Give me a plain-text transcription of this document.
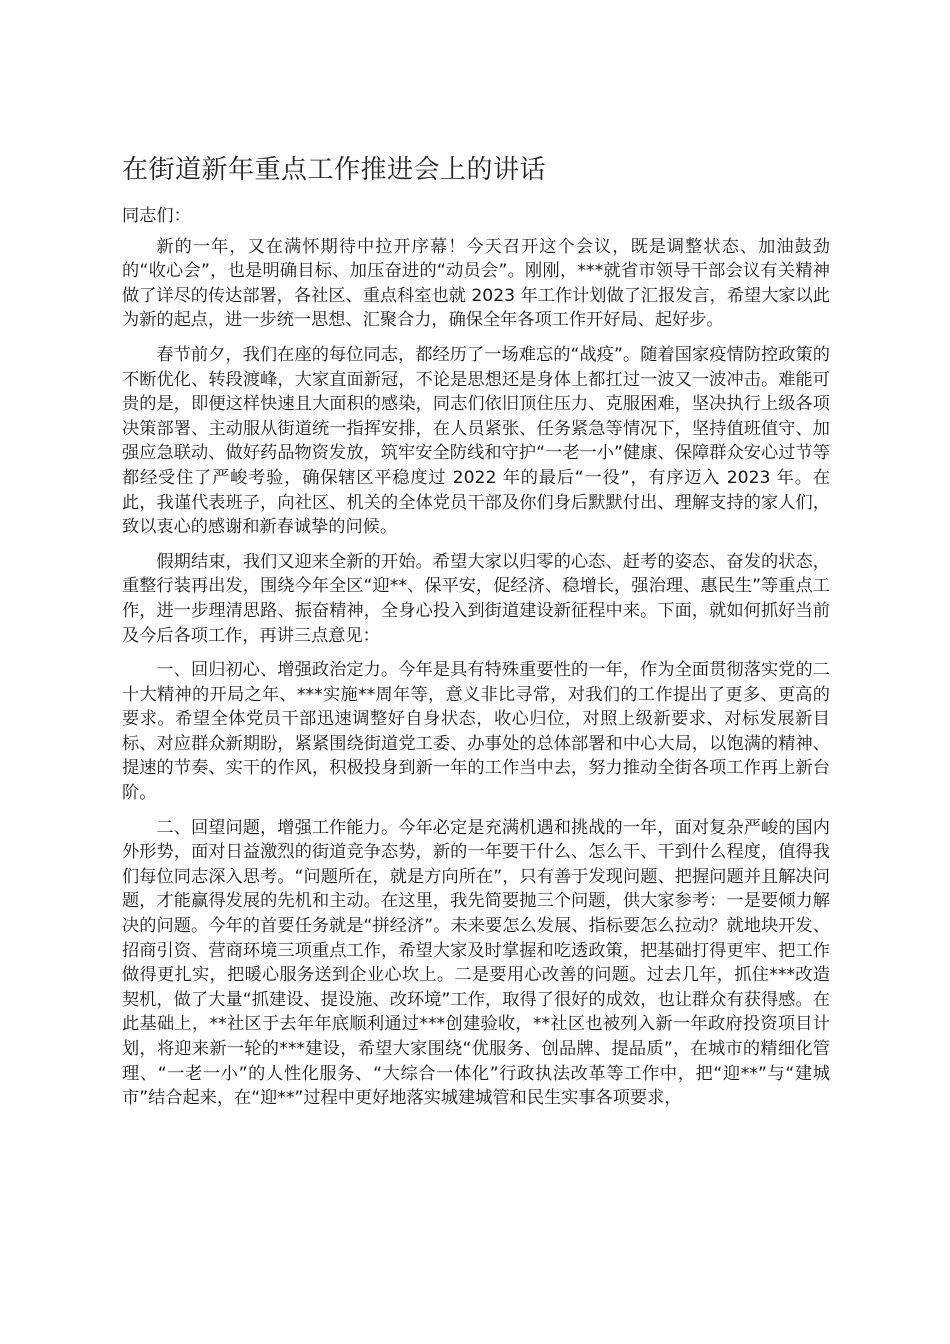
在街道新年重点工作推进会上的讲话

同志们：

新的一年，又在满怀期待中拉开序幕！今天召开这个会议，既是调整状态、加油鼓劲的“收心会”，也是明确目标、加压奋进的“动员会”。刚刚，***就省市领导干部会议有关精神做了详尽的传达部署，各社区、重点科室也就 2023 年工作计划做了汇报发言，希望大家以此为新的起点，进一步统一思想、汇聚合力，确保全年各项工作开好局、起好步。

春节前夕，我们在座的每位同志，都经历了一场难忘的“战疫”。随着国家疫情防控政策的不断优化、转段渡峰，大家直面新冠，不论是思想还是身体上都扛过一波又一波冲击。难能可贵的是，即便这样快速且大面积的感染，同志们依旧顶住压力、克服困难，坚决执行上级各项决策部署、主动服从街道统一指挥安排，在人员紧张、任务紧急等情况下，坚持值班值守、加强应急联动、做好药品物资发放，筑牢安全防线和守护“一老一小”健康、保障群众安心过节等都经受住了严峻考验，确保辖区平稳度过 2022 年的最后“一役”，有序迈入 2023 年。在此，我谨代表班子，向社区、机关的全体党员干部及你们身后默默付出、理解支持的家人们，致以衷心的感谢和新春诚挚的问候。

假期结束，我们又迎来全新的开始。希望大家以归零的心态、赶考的姿态、奋发的状态，重整行装再出发，围绕今年全区“迎**、保平安，促经济、稳增长，强治理、惠民生”等重点工作，进一步理清思路、振奋精神，全身心投入到街道建设新征程中来。下面，就如何抓好当前及今后各项工作，再讲三点意见：

一、回归初心、增强政治定力。今年是具有特殊重要性的一年，作为全面贯彻落实党的二十大精神的开局之年、***实施**周年等，意义非比寻常，对我们的工作提出了更多、更高的要求。希望全体党员干部迅速调整好自身状态，收心归位，对照上级新要求、对标发展新目标、对应群众新期盼，紧紧围绕街道党工委、办事处的总体部署和中心大局，以饱满的精神、提速的节奏、实干的作风，积极投身到新一年的工作当中去，努力推动全街各项工作再上新台阶。

二、回望问题，增强工作能力。今年必定是充满机遇和挑战的一年，面对复杂严峻的国内外形势，面对日益激烈的街道竞争态势，新的一年要干什么、怎么干、干到什么程度，值得我们每位同志深入思考。“问题所在，就是方向所在”，只有善于发现问题、把握问题并且解决问题，才能赢得发展的先机和主动。在这里，我先简要抛三个问题，供大家参考：一是要倾力解决的问题。今年的首要任务就是“拼经济”。未来要怎么发展、指标要怎么拉动？就地块开发、招商引资、营商环境三项重点工作，希望大家及时掌握和吃透政策，把基础打得更牢、把工作做得更扎实，把暖心服务送到企业心坎上。二是要用心改善的问题。过去几年，抓住***改造契机，做了大量“抓建设、提设施、改环境”工作，取得了很好的成效，也让群众有获得感。在此基础上，**社区于去年年底顺利通过***创建验收，**社区也被列入新一年政府投资项目计划，将迎来新一轮的***建设，希望大家围绕“优服务、创品牌、提品质”，在城市的精细化管理、“一老一小”的人性化服务、“大综合一体化”行政执法改革等工作中，把“迎**”与“建城市”结合起来，在“迎**”过程中更好地落实城建城管和民生实事各项要求，
